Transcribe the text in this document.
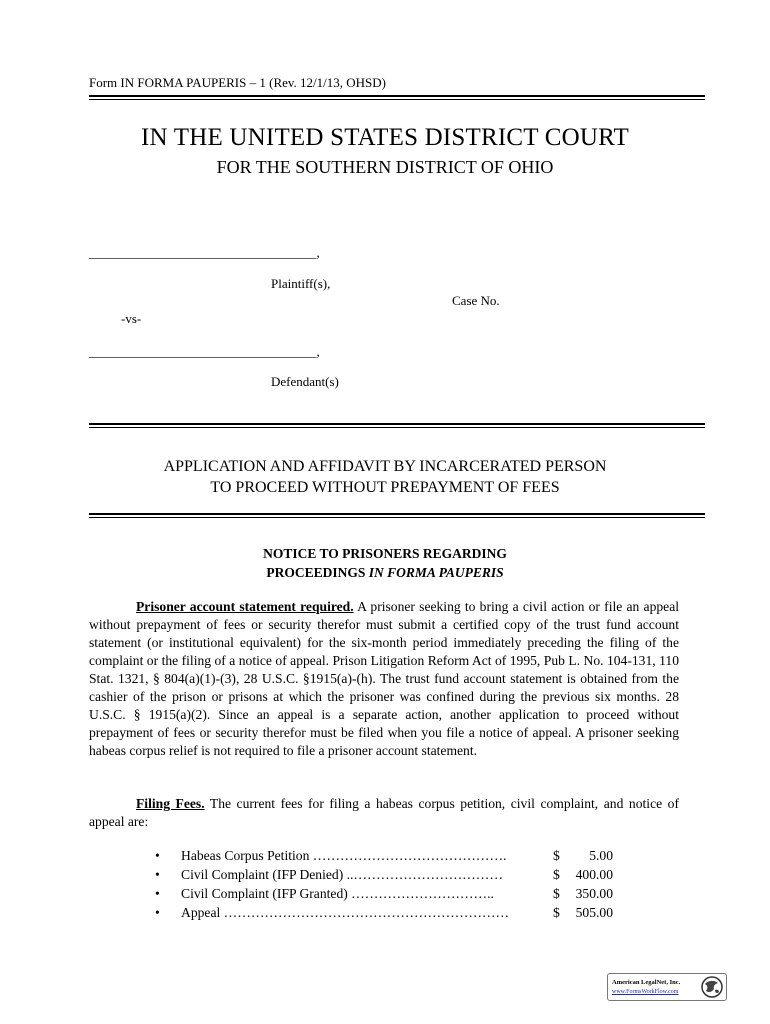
Form IN FORMA PAUPERIS – 1 (Rev. 12/1/13, OHSD)
IN THE UNITED STATES DISTRICT COURT
FOR THE SOUTHERN DISTRICT OF OHIO
___________________________________,
Plaintiff(s),
Case No.
-vs-
___________________________________,
Defendant(s)
APPLICATION AND AFFIDAVIT BY INCARCERATED PERSON
TO PROCEED WITHOUT PREPAYMENT OF FEES
NOTICE TO PRISONERS REGARDING
PROCEEDINGS IN FORMA PAUPERIS
Prisoner account statement required. A prisoner seeking to bring a civil action or file an appeal without prepayment of fees or security therefor must submit a certified copy of the trust fund account statement (or institutional equivalent) for the six-month period immediately preceding the filing of the complaint or the filing of a notice of appeal. Prison Litigation Reform Act of 1995, Pub L. No. 104-131, 110 Stat. 1321, § 804(a)(1)-(3), 28 U.S.C. §1915(a)-(h). The trust fund account statement is obtained from the cashier of the prison or prisons at which the prisoner was confined during the previous six months. 28 U.S.C. § 1915(a)(2). Since an appeal is a separate action, another application to proceed without prepayment of fees or security therefor must be filed when you file a notice of appeal. A prisoner seeking habeas corpus relief is not required to file a prisoner account statement.
Filing Fees. The current fees for filing a habeas corpus petition, civil complaint, and notice of appeal are:
• Habeas Corpus Petition …………………………………….	$ 5.00
• Civil Complaint (IFP Denied) ..……………………………	$ 400.00
• Civil Complaint (IFP Granted) …………………………..	$ 350.00
• Appeal ………………………………………………………	$ 505.00
American LegalNet, Inc.
www.FormsWorkFlow.com
